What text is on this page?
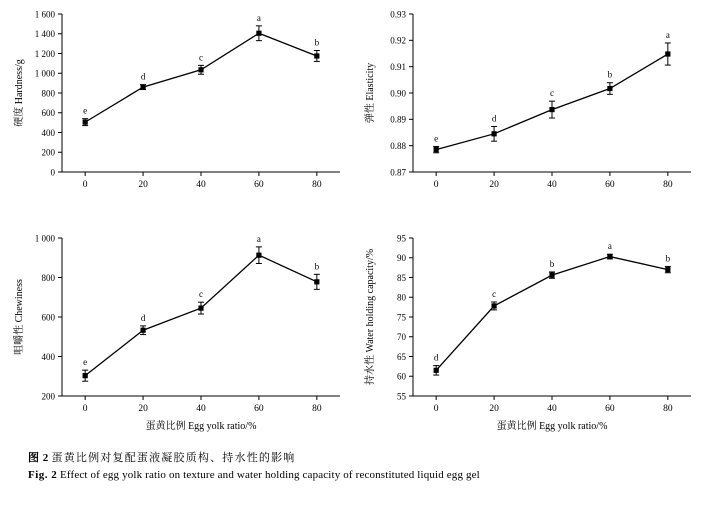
0
200
400
600
800
1 000
1 200
1 400
1 600
0	20	40	60	80
硬度 Hardness/g	e
d
c
a
b
0.87
0.88
0.89
0.90
0.91
0.92
0.93
0	20	40	60	80
弹性 Elasticity
e
d
c
b
a
200
400
600
800
1 000
0	20	40	60	80
咀嚼性 Chewiness
蛋黄比例 Egg yolk ratio/%
e
d
c
a
b
55
60
65
70
75
80
85
90
95
0	20	40	60	80
持水性 Water holding capacity/%
蛋黄比例 Egg yolk ratio/%
d
c
b
a
b
图 2 蛋黄比例对复配蛋液凝胶质构、持水性的影响
Fig. 2 Effect of egg yolk ratio on texture and water holding capacity of reconstituted liquid egg gel
